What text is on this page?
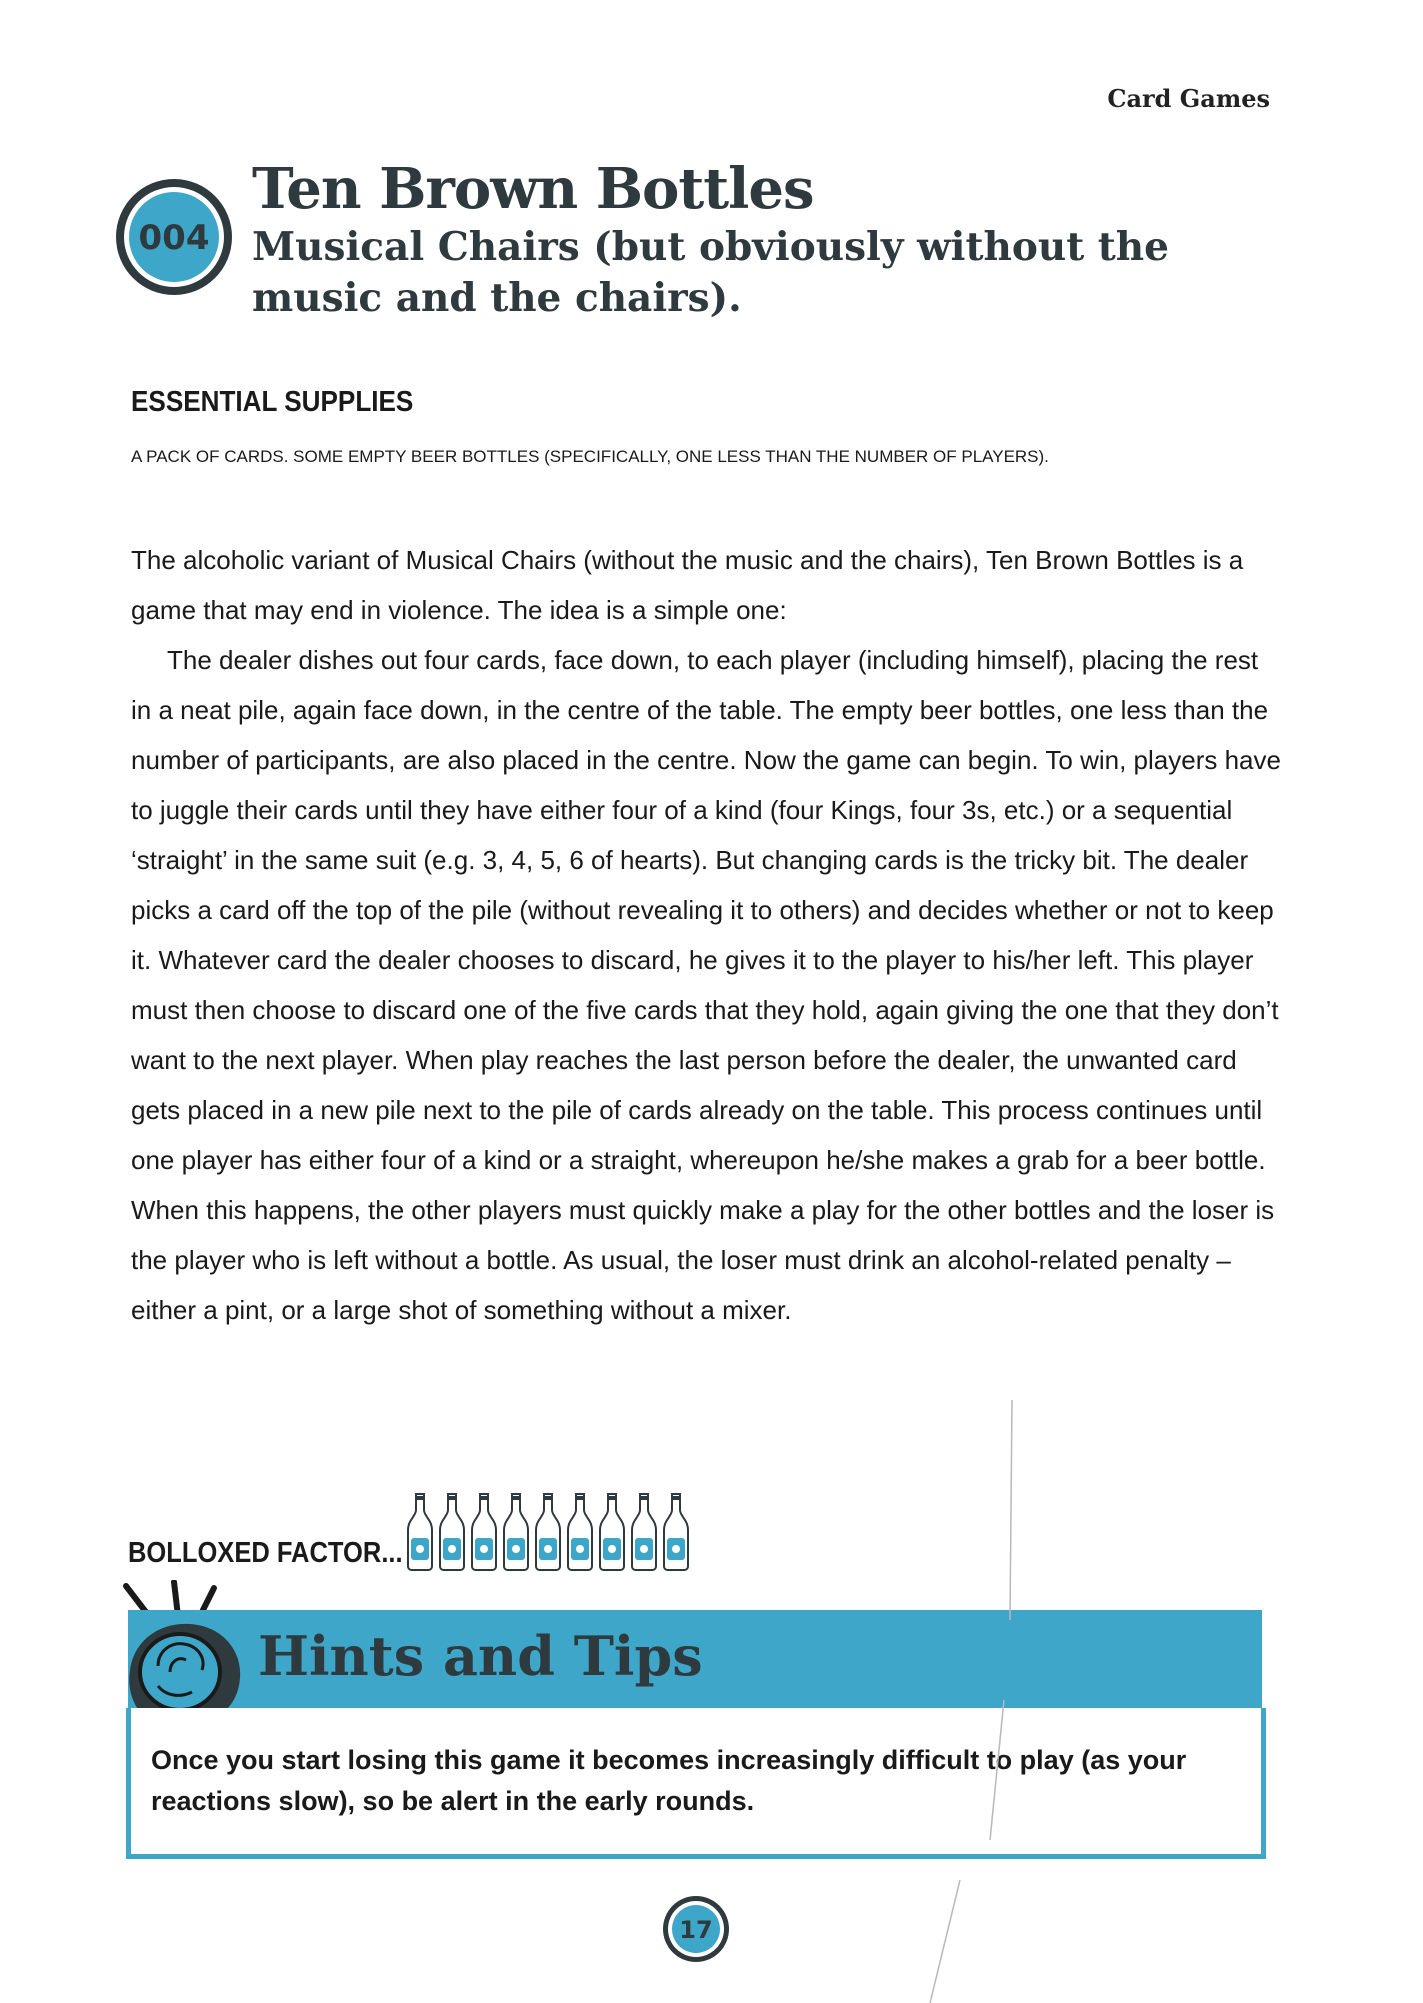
Card Games
004
Ten Brown Bottles
Musical Chairs (but obviously without the music and the chairs).
ESSENTIAL SUPPLIES
A PACK OF CARDS. SOME EMPTY BEER BOTTLES (SPECIFICALLY, ONE LESS THAN THE NUMBER OF PLAYERS).

The alcoholic variant of Musical Chairs (without the music and the chairs), Ten Brown Bottles is a game that may end in violence. The idea is a simple one:

The dealer dishes out four cards, face down, to each player (including himself), placing the rest in a neat pile, again face down, in the centre of the table. The empty beer bottles, one less than the number of participants, are also placed in the centre. Now the game can begin. To win, players have to juggle their cards until they have either four of a kind (four Kings, four 3s, etc.) or a sequential ‘straight’ in the same suit (e.g. 3, 4, 5, 6 of hearts). But changing cards is the tricky bit. The dealer picks a card off the top of the pile (without revealing it to others) and decides whether or not to keep it. Whatever card the dealer chooses to discard, he gives it to the player to his/her left. This player must then choose to discard one of the five cards that they hold, again giving the one that they don’t want to the next player. When play reaches the last person before the dealer, the unwanted card gets placed in a new pile next to the pile of cards already on the table. This process continues until one player has either four of a kind or a straight, whereupon he/she makes a grab for a beer bottle. When this happens, the other players must quickly make a play for the other bottles and the loser is the player who is left without a bottle. As usual, the loser must drink an alcohol-related penalty – either a pint, or a large shot of something without a mixer.

BOLLOXED FACTOR...
Hints and Tips
Once you start losing this game it becomes increasingly difficult to play (as your reactions slow), so be alert in the early rounds.
17
